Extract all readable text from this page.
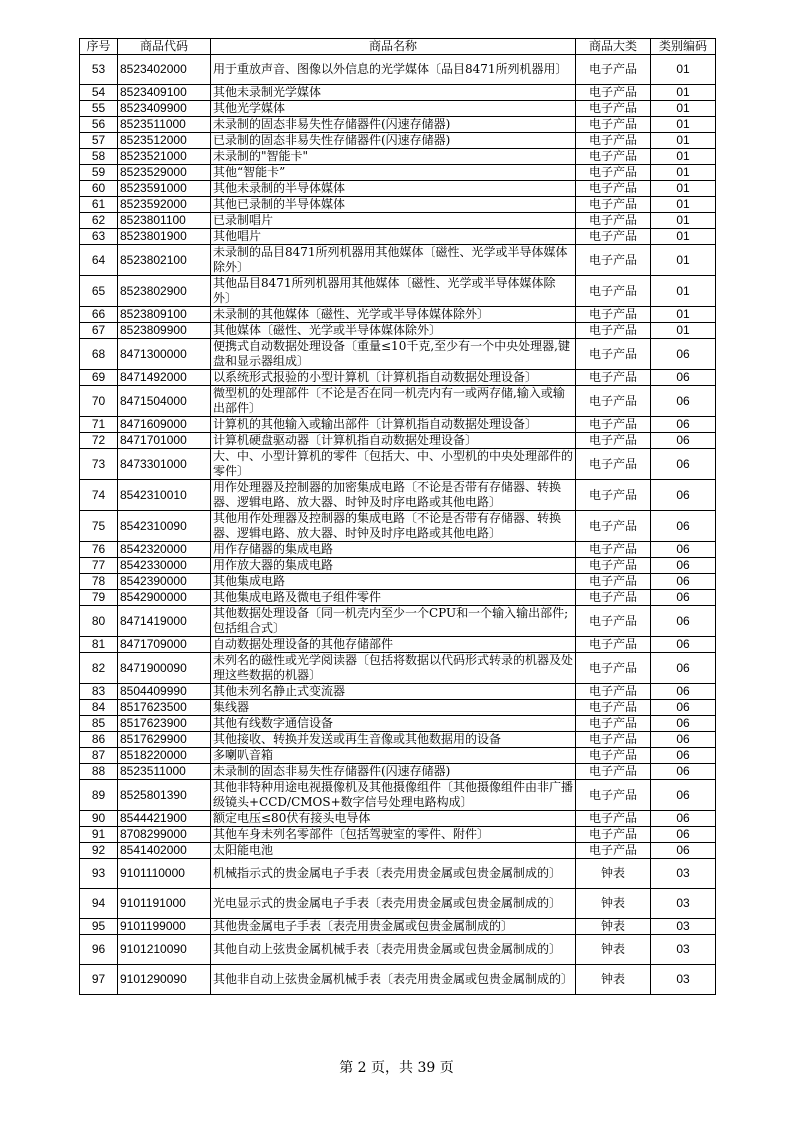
序号	商品代码	商品名称	商品大类	类别编码
53	8523402000	用于重放声音、图像以外信息的光学媒体〔品目8471所列机器用〕	电子产品	01
54	8523409100	其他未录制光学媒体	电子产品	01
55	8523409900	其他光学媒体	电子产品	01
56	8523511000	未录制的固态非易失性存储器件(闪速存储器)	电子产品	01
57	8523512000	已录制的固态非易失性存储器件(闪速存储器)	电子产品	01
58	8523521000	未录制的"智能卡"	电子产品	01
59	8523529000	其他“智能卡”	电子产品	01
60	8523591000	其他未录制的半导体媒体	电子产品	01
61	8523592000	其他已录制的半导体媒体	电子产品	01
62	8523801100	已录制唱片	电子产品	01
63	8523801900	其他唱片	电子产品	01
64	8523802100	未录制的品目8471所列机器用其他媒体〔磁性、光学或半导体媒体除外〕	电子产品	01
65	8523802900	其他品目8471所列机器用其他媒体〔磁性、光学或半导体媒体除外〕	电子产品	01
66	8523809100	未录制的其他媒体〔磁性、光学或半导体媒体除外〕	电子产品	01
67	8523809900	其他媒体〔磁性、光学或半导体媒体除外〕	电子产品	01
68	8471300000	便携式自动数据处理设备〔重量≤10千克,至少有一个中央处理器,键盘和显示器组成〕	电子产品	06
69	8471492000	以系统形式报验的小型计算机〔计算机指自动数据处理设备〕	电子产品	06
70	8471504000	微型机的处理部件〔不论是否在同一机壳内有一或两存储,输入或输出部件〕	电子产品	06
71	8471609000	计算机的其他输入或输出部件〔计算机指自动数据处理设备〕	电子产品	06
72	8471701000	计算机硬盘驱动器〔计算机指自动数据处理设备〕	电子产品	06
73	8473301000	大、中、小型计算机的零件〔包括大、中、小型机的中央处理部件的零件〕	电子产品	06
74	8542310010	用作处理器及控制器的加密集成电路〔不论是否带有存储器、转换器、逻辑电路、放大器、时钟及时序电路或其他电路〕	电子产品	06
75	8542310090	其他用作处理器及控制器的集成电路〔不论是否带有存储器、转换器、逻辑电路、放大器、时钟及时序电路或其他电路〕	电子产品	06
76	8542320000	用作存储器的集成电路	电子产品	06
77	8542330000	用作放大器的集成电路	电子产品	06
78	8542390000	其他集成电路	电子产品	06
79	8542900000	其他集成电路及微电子组件零件	电子产品	06
80	8471419000	其他数据处理设备〔同一机壳内至少一个CPU和一个输入输出部件;包括组合式〕	电子产品	06
81	8471709000	自动数据处理设备的其他存储部件	电子产品	06
82	8471900090	未列名的磁性或光学阅读器〔包括将数据以代码形式转录的机器及处理这些数据的机器〕	电子产品	06
83	8504409990	其他未列名静止式变流器	电子产品	06
84	8517623500	集线器	电子产品	06
85	8517623900	其他有线数字通信设备	电子产品	06
86	8517629900	其他接收、转换并发送或再生音像或其他数据用的设备	电子产品	06
87	8518220000	多喇叭音箱	电子产品	06
88	8523511000	未录制的固态非易失性存储器件(闪速存储器)	电子产品	06
89	8525801390	其他非特种用途电视摄像机及其他摄像组件〔其他摄像组件由非广播级镜头+CCD/CMOS+数字信号处理电路构成〕	电子产品	06
90	8544421900	额定电压≤80伏有接头电导体	电子产品	06
91	8708299000	其他车身未列名零部件〔包括驾驶室的零件、附件〕	电子产品	06
92	8541402000	太阳能电池	电子产品	06
93	9101110000	机械指示式的贵金属电子手表〔表壳用贵金属或包贵金属制成的〕	钟表	03
94	9101191000	光电显示式的贵金属电子手表〔表壳用贵金属或包贵金属制成的〕	钟表	03
95	9101199000	其他贵金属电子手表〔表壳用贵金属或包贵金属制成的〕	钟表	03
96	9101210090	其他自动上弦贵金属机械手表〔表壳用贵金属或包贵金属制成的〕	钟表	03
97	9101290090	其他非自动上弦贵金属机械手表〔表壳用贵金属或包贵金属制成的〕	钟表	03
第 2 页，共 39 页
